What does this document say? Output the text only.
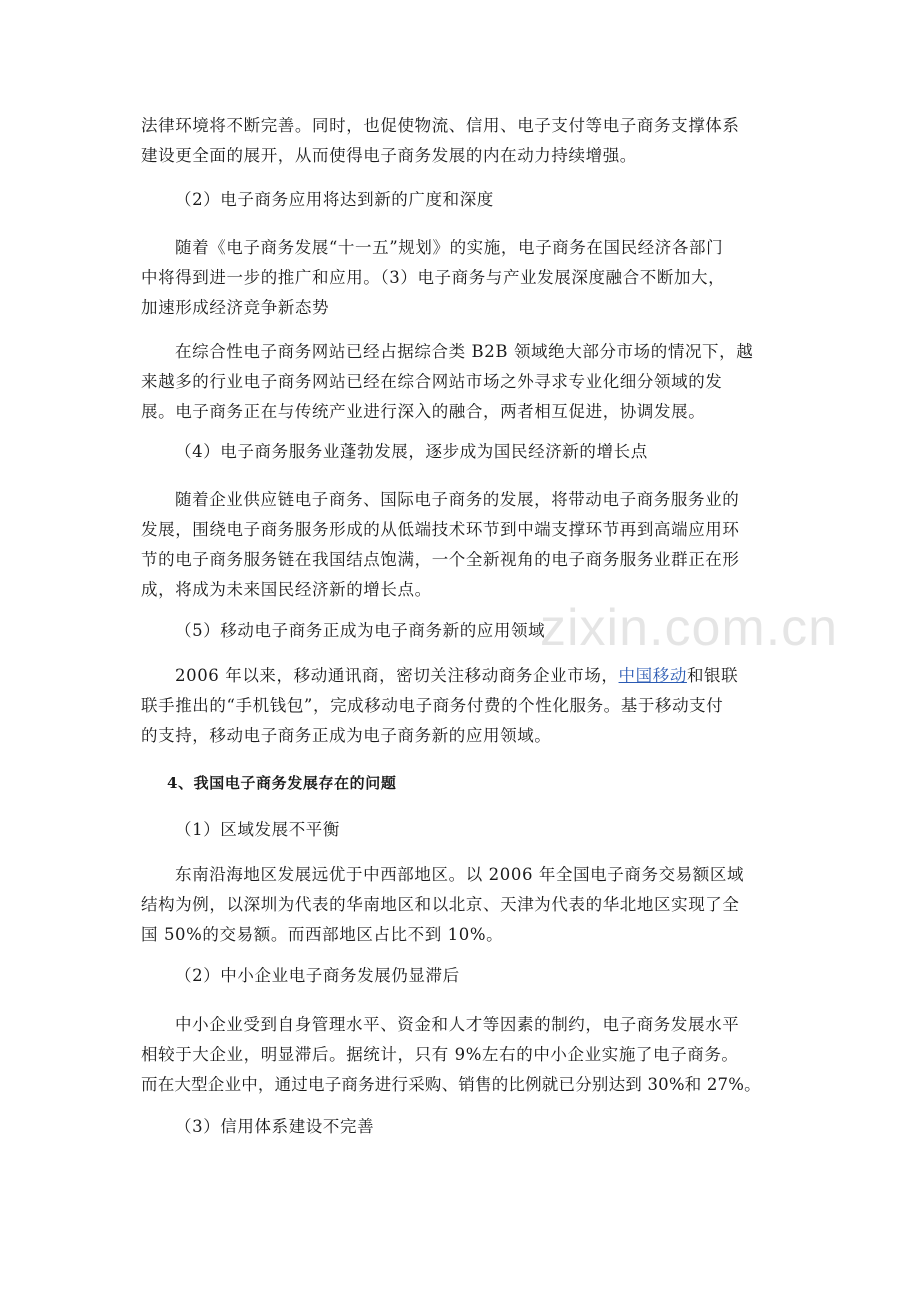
zixin.com.cn
法律环境将不断完善。同时，也促使物流、信用、电子支付等电子商务支撑体系
建设更全面的展开，从而使得电子商务发展的内在动力持续增强。
（2）电子商务应用将达到新的广度和深度
随着《电子商务发展“十一五”规划》的实施，电子商务在国民经济各部门
中将得到进一步的推广和应用。（3）电子商务与产业发展深度融合不断加大，
加速形成经济竞争新态势
在综合性电子商务网站已经占据综合类 B2B 领域绝大部分市场的情况下，越
来越多的行业电子商务网站已经在综合网站市场之外寻求专业化细分领域的发
展。电子商务正在与传统产业进行深入的融合，两者相互促进，协调发展。
（4）电子商务服务业蓬勃发展，逐步成为国民经济新的增长点
随着企业供应链电子商务、国际电子商务的发展，将带动电子商务服务业的
发展，围绕电子商务服务形成的从低端技术环节到中端支撑环节再到高端应用环
节的电子商务服务链在我国结点饱满，一个全新视角的电子商务服务业群正在形
成，将成为未来国民经济新的增长点。
（5）移动电子商务正成为电子商务新的应用领域
2006 年以来，移动通讯商，密切关注移动商务企业市场，中国移动和银联
联手推出的“手机钱包”，完成移动电子商务付费的个性化服务。基于移动支付
的支持，移动电子商务正成为电子商务新的应用领域。
4、我国电子商务发展存在的问题
（1）区域发展不平衡
东南沿海地区发展远优于中西部地区。以 2006 年全国电子商务交易额区域
结构为例，以深圳为代表的华南地区和以北京、天津为代表的华北地区实现了全
国 50%的交易额。而西部地区占比不到 10%。
（2）中小企业电子商务发展仍显滞后
中小企业受到自身管理水平、资金和人才等因素的制约，电子商务发展水平
相较于大企业，明显滞后。据统计，只有 9%左右的中小企业实施了电子商务。
而在大型企业中，通过电子商务进行采购、销售的比例就已分别达到 30%和 27%。
（3）信用体系建设不完善
